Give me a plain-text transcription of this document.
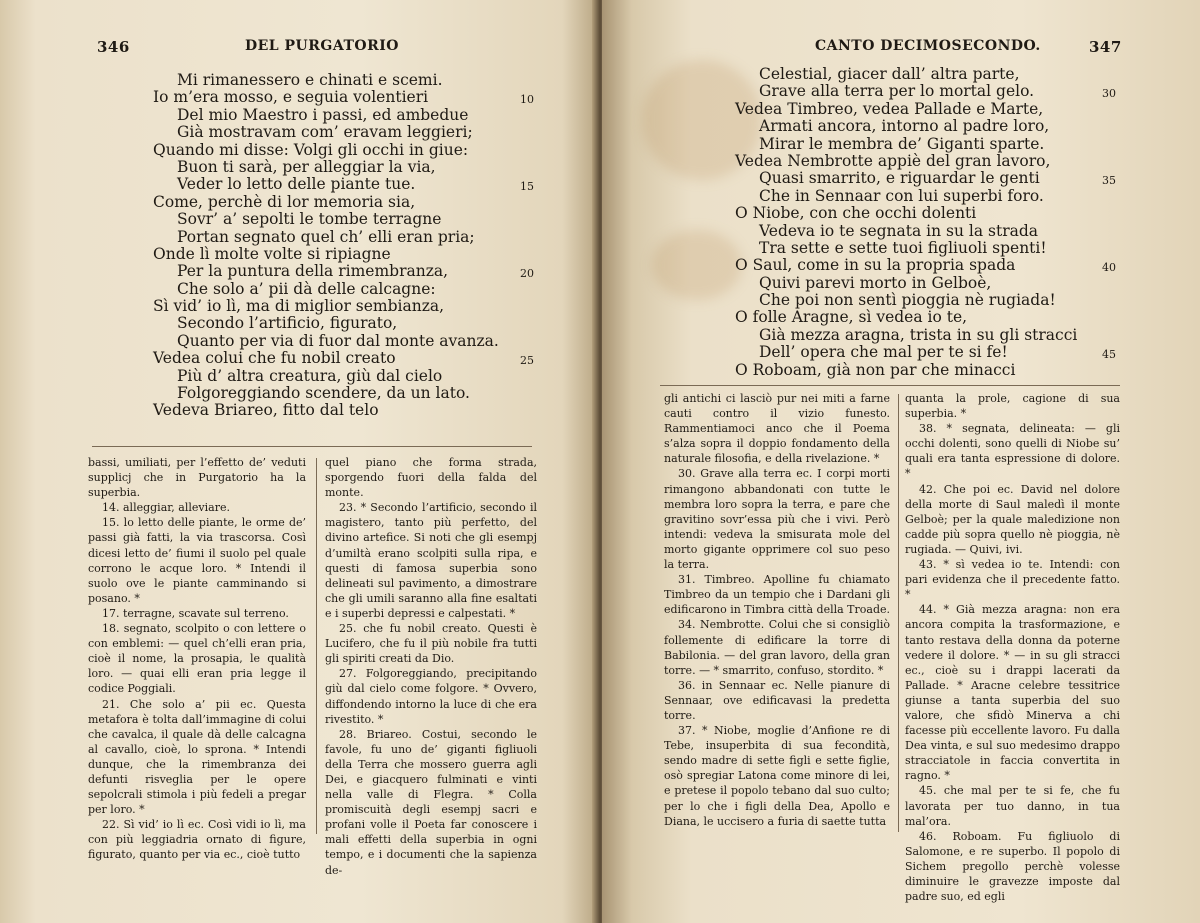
346	DEL PURGATORIO
Mi rimanessero e chinati e scemi.
Io m’era mosso, e seguia volentieri	10
Del mio Maestro i passi, ed ambedue
Già mostravam com’ eravam leggieri;
Quando mi disse: Volgi gli occhi in giue:
Buon ti sarà, per alleggiar la via,
Veder lo letto delle piante tue.	15
Come, perchè di lor memoria sia,
Sovr’ a’ sepolti le tombe terragne
Portan segnato quel ch’ elli eran pria;
Onde lì molte volte si ripiagne
Per la puntura della rimembranza,	20
Che solo a’ pii dà delle calcagne:
Sì vid’ io lì, ma di miglior sembianza,
Secondo l’artificio, figurato,
Quanto per via di fuor dal monte avanza.
Vedea colui che fu nobil creato	25
Più d’ altra creatura, giù dal cielo
Folgoreggiando scendere, da un lato.
Vedeva Briareo, fitto dal telo

bassi, umiliati, per l’effetto de’ veduti supplicj che in Purgatorio ha la superbia.

14. alleggiar, alleviare.

15. lo letto delle piante, le orme de’ passi già fatti, la via trascorsa. Così dicesi letto de’ fiumi il suolo pel quale corrono le acque loro. * Intendi il suolo ove le piante camminando si posano. *

17. terragne, scavate sul terreno.

18. segnato, scolpito o con lettere o con emblemi: — quel ch’elli eran pria, cioè il nome, la prosapia, le qualità loro. — quai elli eran pria legge il codice Poggiali.

21. Che solo a’ pii ec. Questa metafora è tolta dall’immagine di colui che cavalca, il quale dà delle calcagna al cavallo, cioè, lo sprona. * Intendi dunque, che la rimembranza dei defunti risveglia per le opere sepolcrali stimola i più fedeli a pregar per loro. *

22. Sì vid’ io lì ec. Così vidi io lì, ma con più leggiadria ornato di figure, figurato, quanto per via ec., cioè tutto

quel piano che forma strada, sporgendo fuori della falda del monte.

23. * Secondo l’artificio, secondo il magistero, tanto più perfetto, del divino artefice. Si noti che gli esempj d’umiltà erano scolpiti sulla ripa, e questi di famosa superbia sono delineati sul pavimento, a dimostrare che gli umili saranno alla fine esaltati e i superbi depressi e calpestati. *

25. che fu nobil creato. Questi è Lucifero, che fu il più nobile fra tutti gli spiriti creati da Dio.

27. Folgoreggiando, precipitando giù dal cielo come folgore. * Ovvero, diffondendo intorno la luce di che era rivestito. *

28. Briareo. Costui, secondo le favole, fu uno de’ giganti figliuoli della Terra che mossero guerra agli Dei, e giacquero fulminati e vinti nella valle di Flegra. * Colla promiscuità degli esempj sacri e profani volle il Poeta far conoscere i mali effetti della superbia in ogni tempo, e i documenti che la sapienza de-

CANTO DECIMOSECONDO.	347
Celestial, giacer dall’ altra parte,
Grave alla terra per lo mortal gelo.	30
Vedea Timbreo, vedea Pallade e Marte,
Armati ancora, intorno al padre loro,
Mirar le membra de’ Giganti sparte.
Vedea Nembrotte appiè del gran lavoro,
Quasi smarrito, e riguardar le genti	35
Che in Sennaar con lui superbi foro.
O Niobe, con che occhi dolenti
Vedeva io te segnata in su la strada
Tra sette e sette tuoi figliuoli spenti!
O Saul, come in su la propria spada	40
Quivi parevi morto in Gelboè,
Che poi non sentì pioggia nè rugiada!
O folle Aragne, sì vedea io te,
Già mezza aragna, trista in su gli stracci
Dell’ opera che mal per te si fe!	45
O Roboam, già non par che minacci

gli antichi ci lasciò pur nei miti a farne cauti contro il vizio funesto. Rammentiamoci anco che il Poema s’alza sopra il doppio fondamento della naturale filosofia, e della rivelazione. *

30. Grave alla terra ec. I corpi morti rimangono abbandonati con tutte le membra loro sopra la terra, e pare che gravitino sovr’essa più che i vivi. Però intendi: vedeva la smisurata mole del morto gigante opprimere col suo peso la terra.

31. Timbreo. Apolline fu chiamato Timbreo da un tempio che i Dardani gli edificarono in Timbra città della Troade.

34. Nembrotte. Colui che si consigliò follemente di edificare la torre di Babilonia. — del gran lavoro, della gran torre. — * smarrito, confuso, stordito. *

36. in Sennaar ec. Nelle pianure di Sennaar, ove edificavasi la predetta torre.

37. * Niobe, moglie d’Anfione re di Tebe, insuperbita di sua fecondità, sendo madre di sette figli e sette figlie, osò spregiar Latona come minore di lei, e pretese il popolo tebano dal suo culto; per lo che i figli della Dea, Apollo e Diana, le uccisero a furia di saette tutta

quanta la prole, cagione di sua superbia. *

38. * segnata, delineata: — gli occhi dolenti, sono quelli di Niobe su’ quali era tanta espressione di dolore. *

42. Che poi ec. David nel dolore della morte di Saul maledì il monte Gelboè; per la quale maledizione non cadde più sopra quello nè pioggia, nè rugiada. — Quivi, ivi.

43. * sì vedea io te. Intendi: con pari evidenza che il precedente fatto. *

44. * Già mezza aragna: non era ancora compita la trasformazione, e tanto restava della donna da poterne vedere il dolore. * — in su gli stracci ec., cioè su i drappi lacerati da Pallade. * Aracne celebre tessitrice giunse a tanta superbia del suo valore, che sfidò Minerva a chi facesse più eccellente lavoro. Fu dalla Dea vinta, e sul suo medesimo drappo stracciatole in faccia convertita in ragno. *

45. che mal per te si fe, che fu lavorata per tuo danno, in tua mal’ora.

46. Roboam. Fu figliuolo di Salomone, e re superbo. Il popolo di Sichem pregollo perchè volesse diminuire le gravezze imposte dal padre suo, ed egli
